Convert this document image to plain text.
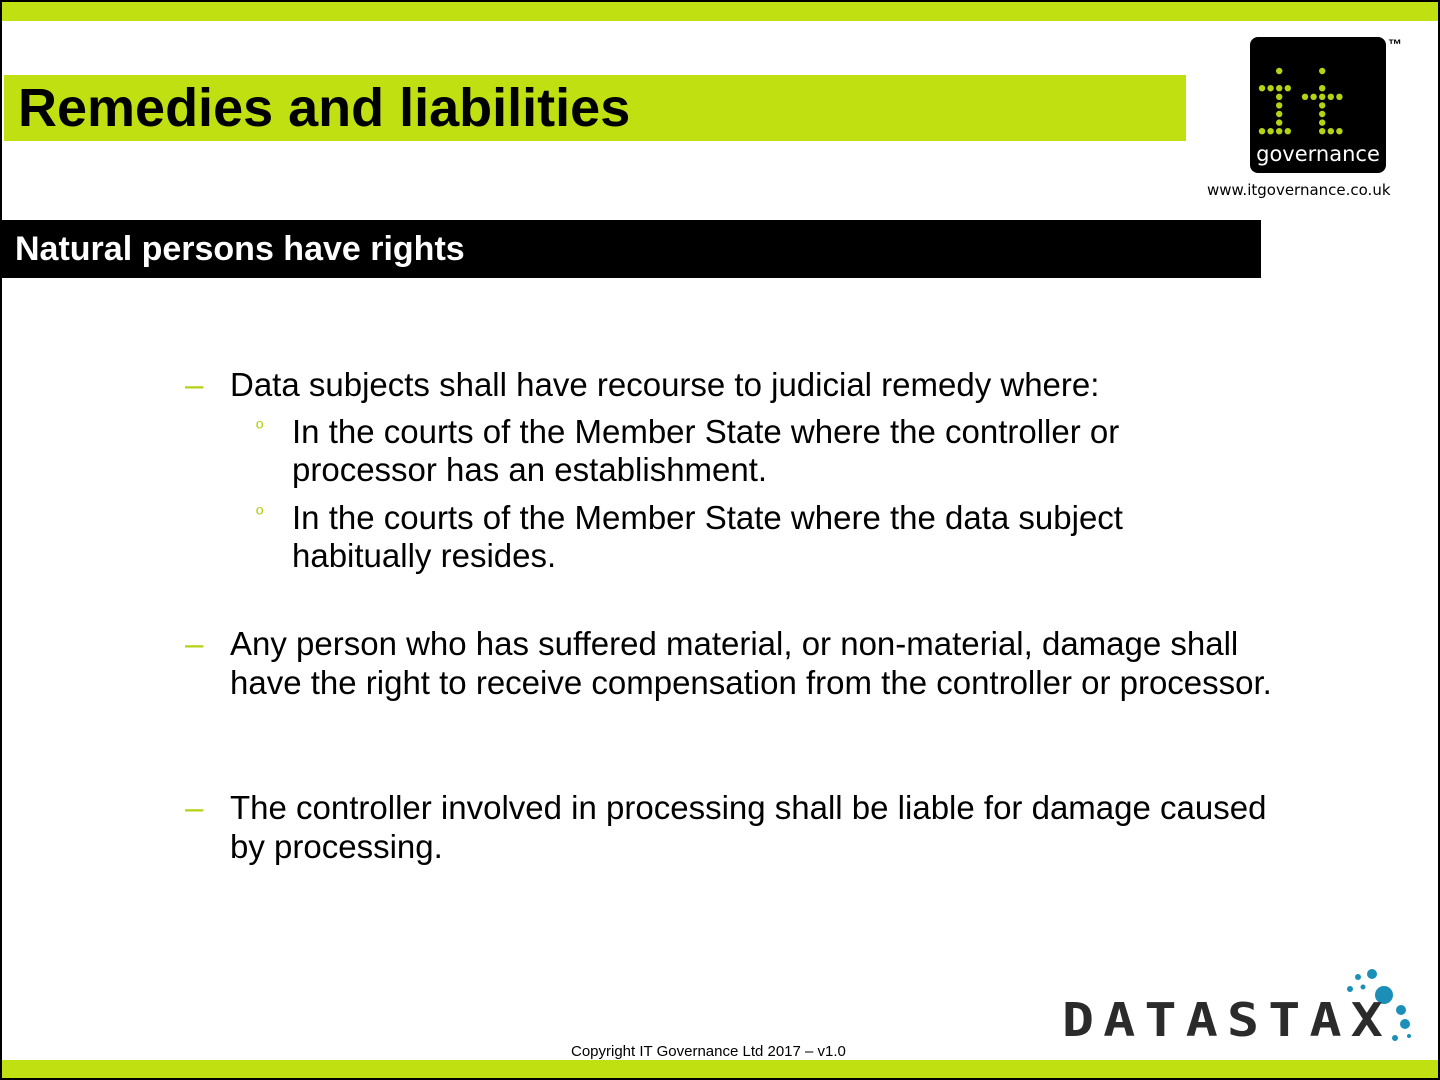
Remedies and liabilities
Natural persons have rights
governance
™
www.itgovernance.co.uk
– Data subjects shall have recourse to judicial remedy where:
º In the courts of the Member State where the controller or processor has an establishment.
º In the courts of the Member State where the data subject habitually resides.
– Any person who has suffered material, or non-material, damage shall have the right to receive compensation from the controller or processor.
– The controller involved in processing shall be liable for damage caused by processing.
DATASTAX
Copyright IT Governance Ltd 2017 – v1.0
